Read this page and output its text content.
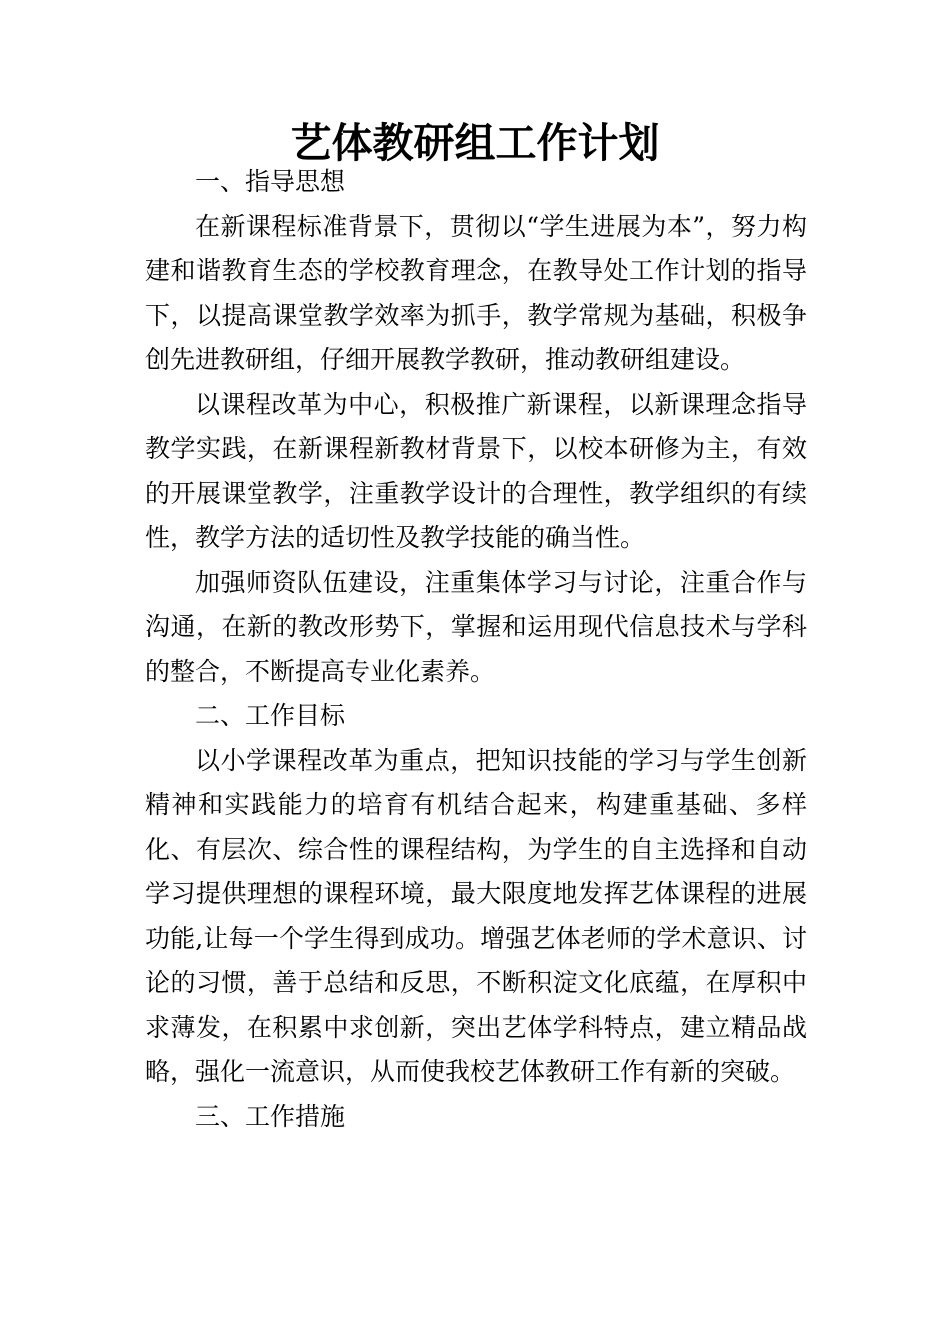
艺体教研组工作计划

一、指导思想

在新课程标准背景下，贯彻以“学生进展为本”，努力构建和谐教育生态的学校教育理念，在教导处工作计划的指导下，以提高课堂教学效率为抓手，教学常规为基础，积极争创先进教研组，仔细开展教学教研，推动教研组建设。

以课程改革为中心，积极推广新课程，以新课理念指导教学实践，在新课程新教材背景下，以校本研修为主，有效的开展课堂教学，注重教学设计的合理性，教学组织的有续性，教学方法的适切性及教学技能的确当性。

加强师资队伍建设，注重集体学习与讨论，注重合作与沟通，在新的教改形势下，掌握和运用现代信息技术与学科的整合，不断提高专业化素养。

二、工作目标

以小学课程改革为重点，把知识技能的学习与学生创新精神和实践能力的培育有机结合起来，构建重基础、多样化、有层次、综合性的课程结构，为学生的自主选择和自动学习提供理想的课程环境，最大限度地发挥艺体课程的进展功能,让每一个学生得到成功。增强艺体老师的学术意识、讨论的习惯，善于总结和反思，不断积淀文化底蕴，在厚积中求薄发，在积累中求创新，突出艺体学科特点，建立精品战略，强化一流意识，从而使我校艺体教研工作有新的突破。

三、工作措施
